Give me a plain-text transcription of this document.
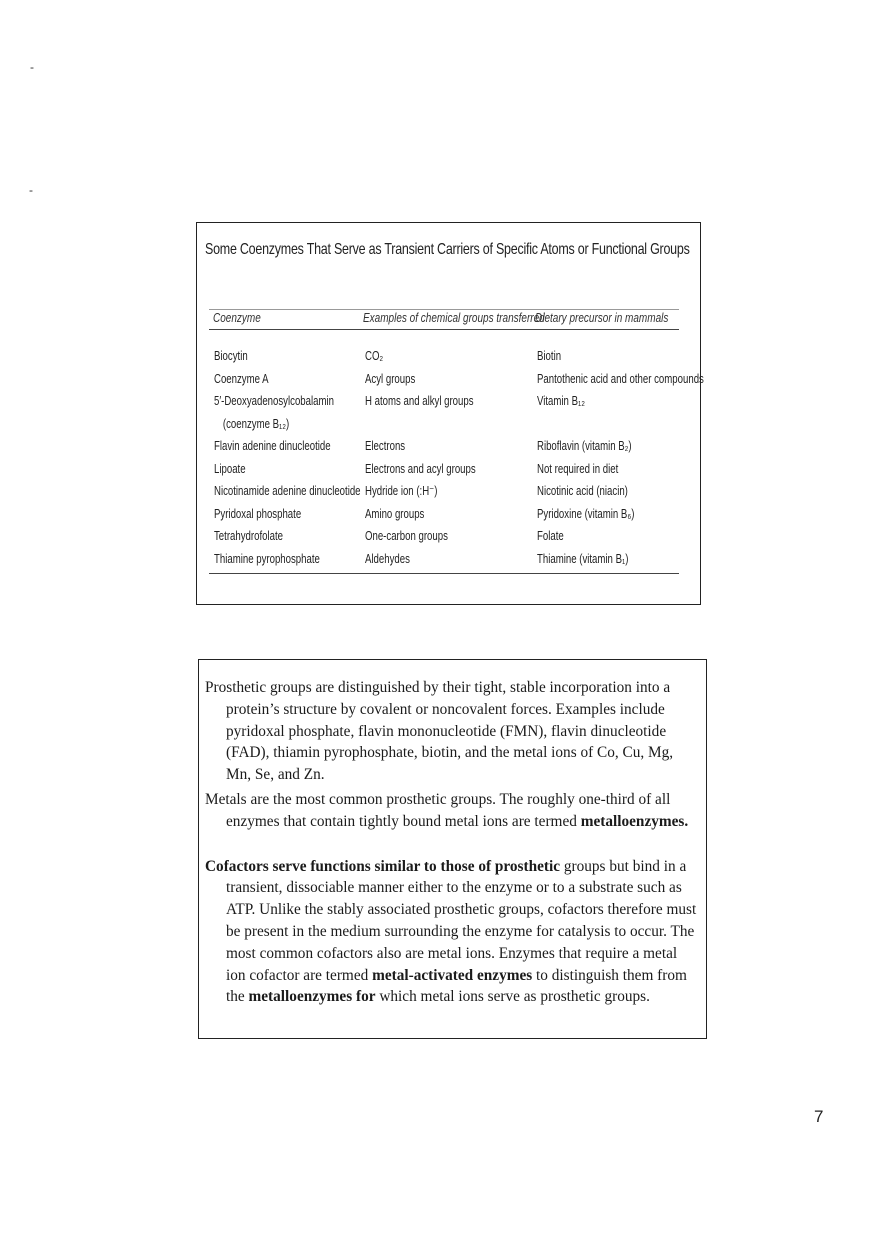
-
-
Some Coenzymes That Serve as Transient Carriers of Specific Atoms or Functional Groups
Coenzyme	Examples of chemical groups transferred
Dietary precursor in mammals
Biocytin
Coenzyme A
5′-Deoxyadenosylcobalamin
(coenzyme B₁₂)
Flavin adenine dinucleotide
Lipoate
Nicotinamide adenine dinucleotide
Pyridoxal phosphate
Tetrahydrofolate
Thiamine pyrophosphate
CO₂
Acyl groups
H atoms and alkyl groups
Electrons
Electrons and acyl groups
Hydride ion (:H⁻)
Amino groups
One-carbon groups
Aldehydes
Biotin
Pantothenic acid and other compounds
Vitamin B₁₂
Riboflavin (vitamin B₂)
Not required in diet
Nicotinic acid (niacin)
Pyridoxine (vitamin B₆)
Folate
Thiamine (vitamin B₁)

Prosthetic groups are distinguished by their tight, stable incorporation into a protein’s structure by covalent or noncovalent forces. Examples include pyridoxal phosphate, flavin mononucleotide (FMN), flavin dinucleotide (FAD), thiamin pyrophosphate, biotin, and the metal ions of Co, Cu, Mg, Mn, Se, and Zn.

Metals are the most common prosthetic groups. The roughly one-third of all enzymes that contain tightly bound metal ions are termed metalloenzymes.

Cofactors serve functions similar to those of prosthetic groups but bind in a transient, dissociable manner either to the enzyme or to a substrate such as ATP. Unlike the stably associated prosthetic groups, cofactors therefore must be present in the medium surrounding the enzyme for catalysis to occur. The most common cofactors also are metal ions. Enzymes that require a metal ion cofactor are termed metal-activated enzymes to distinguish them from the metalloenzymes for which metal ions serve as prosthetic groups.

7
